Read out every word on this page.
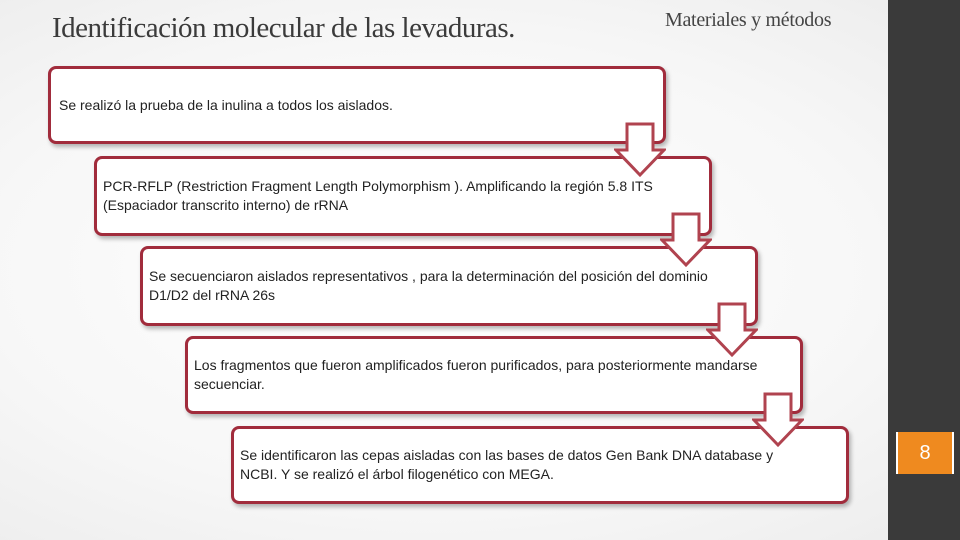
Identificación molecular de las levaduras.	Materiales y métodos
Se realizó la prueba de la inulina a todos los aislados.
PCR-RFLP (Restriction Fragment Length Polymorphism ). Amplificando la región 5.8 ITS (Espaciador transcrito interno) de rRNA
Se secuenciaron aislados representativos , para la determinación del posición del dominio D1/D2 del rRNA 26s
Los fragmentos que fueron amplificados fueron purificados, para posteriormente mandarse secuenciar.
Se identificaron las cepas aisladas con las bases de datos Gen Bank DNA database y NCBI. Y se realizó el árbol filogenético con MEGA.
8
